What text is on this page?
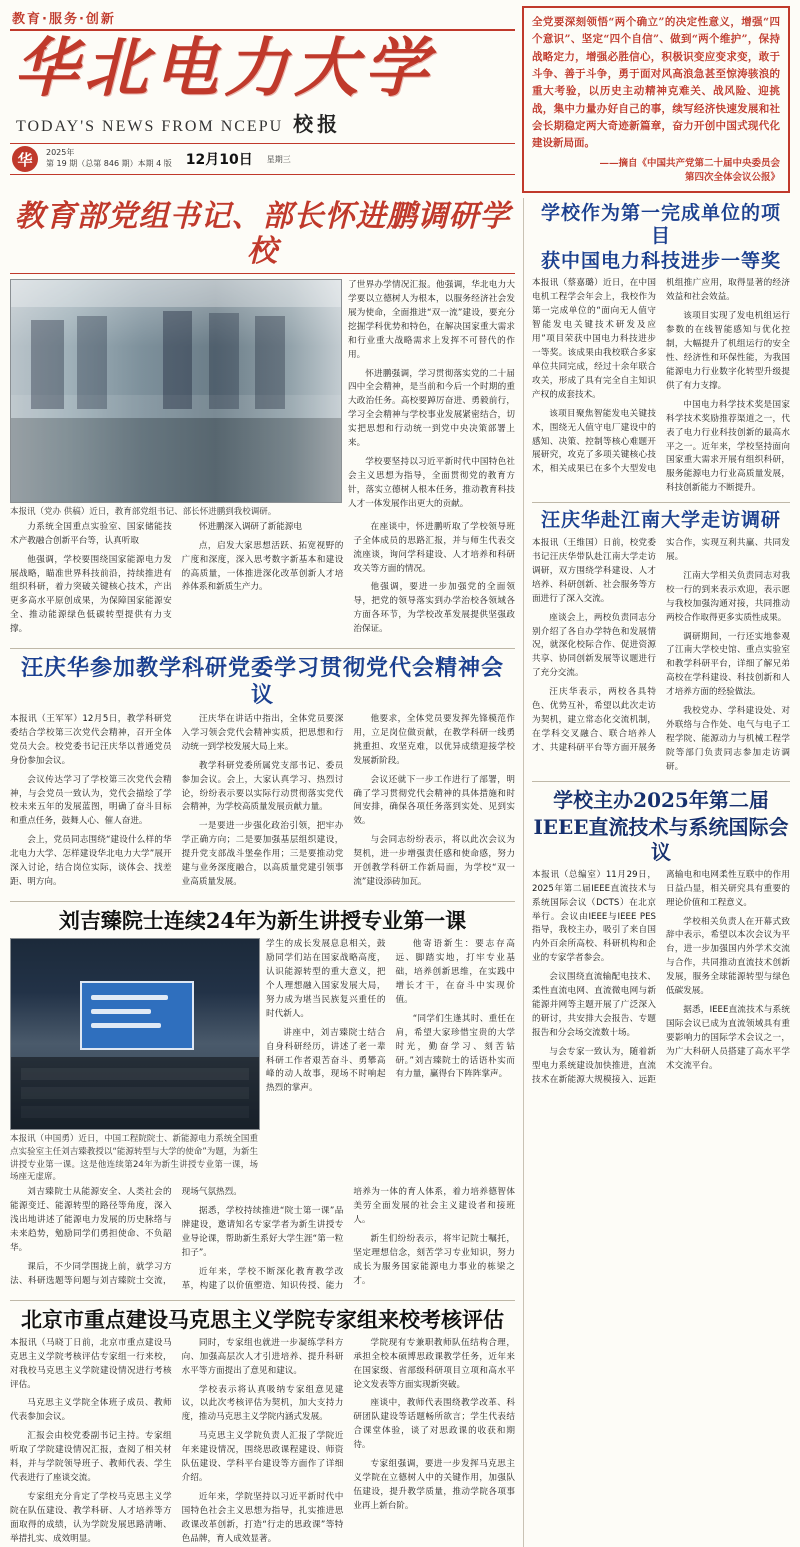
教育·服务·创新
华北电力大学
TODAY'S NEWS FROM NCEPU 校报
华	2025年
第 19 期（总第 846 期）本期 4 版 12月10日 星期三
全党要深刻领悟“两个确立”的决定性意义，增强“四个意识”、坚定“四个自信”、做到“两个维护”，保持战略定力，增强必胜信心，积极识变应变求变，敢于斗争、善于斗争，勇于面对风高浪急甚至惊涛骇浪的重大考验，以历史主动精神克难关、战风险、迎挑战，集中力量办好自己的事，续写经济快速发展和社会长期稳定两大奇迹新篇章，奋力开创中国式现代化建设新局面。
——摘自《中国共产党第二十届中央委员会
第四次全体会议公报》
教育部党组书记、部长怀进鹏调研学校
本报讯（党办 供稿）近日，教育部党组书记、部长怀进鹏到我校调研。

了世界办学情况汇报。他强调，华北电力大学要以立德树人为根本，以服务经济社会发展为使命，全面推进“双一流”建设，要充分挖掘学科优势和特色，在解决国家重大需求和行业重大战略需求上发挥不可替代的作用。

怀进鹏强调，学习贯彻落实党的二十届四中全会精神，是当前和今后一个时期的重大政治任务。高校要踔厉奋进、勇毅前行，学习全会精神与学校事业发展紧密结合，切实把思想和行动统一到党中央决策部署上来。

学校要坚持以习近平新时代中国特色社会主义思想为指导，全面贯彻党的教育方针，落实立德树人根本任务，推动教育科技人才一体发展作出更大的贡献。

力系统全国重点实验室、国家储能技术产教融合创新平台等，认真听取

他强调，学校要围绕国家能源电力发展战略，瞄准世界科技前沿，持续推进有组织科研，着力突破关键核心技术，产出更多高水平原创成果，为保障国家能源安全、推动能源绿色低碳转型提供有力支撑。

怀进鹏深入调研了新能源电

点，启发大家思想活跃、拓宽视野的广度和深度，深入思考数字新基本和建设的高质量，一体推进深化改革创新人才培养体系和新质生产力。

在座谈中，怀进鹏听取了学校领导班子全体成员的思路汇报，并与师生代表交流座谈，询问学科建设、人才培养和科研攻关等方面的情况。

他强调，要进一步加强党的全面领导，把党的领导落实到办学治校各领域各方面各环节，为学校改革发展提供坚强政治保证。

汪庆华参加教学科研党委学习贯彻党代会精神会议

本报讯（王军军）12月5日，教学科研党委结合学校第三次党代会精神，召开全体党员大会。校党委书记汪庆华以普通党员身份参加会议。

会议传达学习了学校第三次党代会精神，与会党员一致认为，党代会描绘了学校未来五年的发展蓝图，明确了奋斗目标和重点任务，鼓舞人心、催人奋进。

会上，党员同志围绕“建设什么样的华北电力大学、怎样建设华北电力大学”展开深入讨论，结合岗位实际，谈体会、找差距、明方向。

汪庆华在讲话中指出，全体党员要深入学习领会党代会精神实质，把思想和行动统一到学校发展大局上来。

教学科研党委所属党支部书记、委员参加会议。会上，大家认真学习、热烈讨论，纷纷表示要以实际行动贯彻落实党代会精神，为学校高质量发展贡献力量。

一是要进一步强化政治引领，把牢办学正确方向；二是要加强基层组织建设，提升党支部战斗堡垒作用；三是要推动党建与业务深度融合，以高质量党建引领事业高质量发展。

他要求，全体党员要发挥先锋模范作用，立足岗位做贡献，在教学科研一线勇挑重担、攻坚克难，以优异成绩迎接学校发展新阶段。

会议还就下一步工作进行了部署，明确了学习贯彻党代会精神的具体措施和时间安排，确保各项任务落到实处、见到实效。

与会同志纷纷表示，将以此次会议为契机，进一步增强责任感和使命感，努力开创教学科研工作新局面，为学校“双一流”建设添砖加瓦。

刘吉臻院士连续24年为新生讲授专业第一课
本报讯（申国勇）近日，中国工程院院士、新能源电力系统全国重点实验室主任刘吉臻教授以“能源转型与大学的使命”为题，为新生讲授专业第一课。这是他连续第24年为新生讲授专业第一课，场场座无虚席。

学生的成长发展息息相关，鼓励同学们站在国家战略高度，认识能源转型的重大意义，把个人理想融入国家发展大局，努力成为堪当民族复兴重任的时代新人。

讲座中，刘吉臻院士结合自身科研经历，讲述了老一辈科研工作者艰苦奋斗、勇攀高峰的动人故事，现场不时响起热烈的掌声。

他寄语新生：要志存高远、脚踏实地，打牢专业基础，培养创新思维，在实践中增长才干，在奋斗中实现价值。

“同学们生逢其时、重任在肩，希望大家珍惜宝贵的大学时光，勤奋学习、刻苦钻研。”刘吉臻院士的话语朴实而有力量，赢得台下阵阵掌声。

刘吉臻院士从能源安全、人类社会的能源变迁、能源转型的路径等角度，深入浅出地讲述了能源电力发展的历史脉络与未来趋势，勉励同学们勇担使命、不负韶华。

课后，不少同学围拢上前，就学习方法、科研选题等问题与刘吉臻院士交流，现场气氛热烈。

据悉，学校持续推进“院士第一课”品牌建设，邀请知名专家学者为新生讲授专业导论课，帮助新生系好大学生涯“第一粒扣子”。

近年来，学校不断深化教育教学改革，构建了以价值塑造、知识传授、能力培养为一体的育人体系，着力培养德智体美劳全面发展的社会主义建设者和接班人。

新生们纷纷表示，将牢记院士嘱托，坚定理想信念，刻苦学习专业知识，努力成长为服务国家能源电力事业的栋梁之才。

北京市重点建设马克思主义学院专家组来校考核评估

本报讯（马晓丁日前，北京市重点建设马克思主义学院考核评估专家组一行来校，对我校马克思主义学院建设情况进行考核评估。

马克思主义学院全体班子成员、教师代表参加会议。

汇报会由校党委副书记主持。专家组听取了学院建设情况汇报，查阅了相关材料，并与学院领导班子、教师代表、学生代表进行了座谈交流。

专家组充分肯定了学校马克思主义学院在队伍建设、教学科研、人才培养等方面取得的成绩，认为学院发展思路清晰、举措扎实、成效明显。

同时，专家组也就进一步凝练学科方向、加强高层次人才引进培养、提升科研水平等方面提出了意见和建议。

学校表示将认真吸纳专家组意见建议，以此次考核评估为契机，加大支持力度，推动马克思主义学院内涵式发展。

马克思主义学院负责人汇报了学院近年来建设情况，围绕思政课程建设、师资队伍建设、学科平台建设等方面作了详细介绍。

近年来，学院坚持以习近平新时代中国特色社会主义思想为指导，扎实推进思政课改革创新，打造“行走的思政课”等特色品牌，育人成效显著。

学院现有专兼职教师队伍结构合理，承担全校本硕博思政课教学任务，近年来在国家级、省部级科研项目立项和高水平论文发表等方面实现新突破。

座谈中，教师代表围绕教学改革、科研团队建设等话题畅所欲言；学生代表结合课堂体验，谈了对思政课的收获和期待。

专家组强调，要进一步发挥马克思主义学院在立德树人中的关键作用，加强队伍建设，提升教学质量，推动学院各项事业再上新台阶。

学校作为第一完成单位的项目
获中国电力科技进步一等奖

本报讯（蔡嘉璐）近日，在中国电机工程学会年会上，我校作为第一完成单位的“面向无人值守智能发电关键技术研发及应用”项目荣获中国电力科技进步一等奖。该成果由我校联合多家单位共同完成，经过十余年联合攻关，形成了具有完全自主知识产权的成套技术。

该项目聚焦智能发电关键技术，围绕无人值守电厂建设中的感知、决策、控制等核心难题开展研究，攻克了多项关键核心技术，相关成果已在多个大型发电机组推广应用，取得显著的经济效益和社会效益。

该项目实现了发电机组运行参数的在线智能感知与优化控制，大幅提升了机组运行的安全性、经济性和环保性能，为我国能源电力行业数字化转型升级提供了有力支撑。

中国电力科学技术奖是国家科学技术奖励推荐渠道之一，代表了电力行业科技创新的最高水平之一。近年来，学校坚持面向国家重大需求开展有组织科研，服务能源电力行业高质量发展，科技创新能力不断提升。

汪庆华赴江南大学走访调研

本报讯（王维国）日前，校党委书记汪庆华带队赴江南大学走访调研，双方围绕学科建设、人才培养、科研创新、社会服务等方面进行了深入交流。

座谈会上，两校负责同志分别介绍了各自办学特色和发展情况，就深化校际合作、促进资源共享、协同创新发展等议题进行了充分交流。

汪庆华表示，两校各具特色、优势互补，希望以此次走访为契机，建立常态化交流机制，在学科交叉融合、联合培养人才、共建科研平台等方面开展务实合作，实现互利共赢、共同发展。

江南大学相关负责同志对我校一行的到来表示欢迎，表示愿与我校加强沟通对接，共同推动两校合作取得更多实质性成果。

调研期间，一行还实地参观了江南大学校史馆、重点实验室和教学科研平台，详细了解兄弟高校在学科建设、科技创新和人才培养方面的经验做法。

我校党办、学科建设处、对外联络与合作处、电气与电子工程学院、能源动力与机械工程学院等部门负责同志参加走访调研。

学校主办2025年第二届
IEEE直流技术与系统国际会议

本报讯（总编室）11月29日，2025年第二届IEEE直流技术与系统国际会议（DCTS）在北京举行。会议由IEEE与IEEE PES指导，我校主办，吸引了来自国内外百余所高校、科研机构和企业的专家学者参会。

会议围绕直流输配电技术、柔性直流电网、直流微电网与新能源并网等主题开展了广泛深入的研讨，共安排大会报告、专题报告和分会场交流数十场。

与会专家一致认为，随着新型电力系统建设加快推进，直流技术在新能源大规模接入、远距离输电和电网柔性互联中的作用日益凸显，相关研究具有重要的理论价值和工程意义。

学校相关负责人在开幕式致辞中表示，希望以本次会议为平台，进一步加强国内外学术交流与合作，共同推动直流技术创新发展，服务全球能源转型与绿色低碳发展。

据悉，IEEE直流技术与系统国际会议已成为直流领域具有重要影响力的国际学术会议之一，为广大科研人员搭建了高水平学术交流平台。
